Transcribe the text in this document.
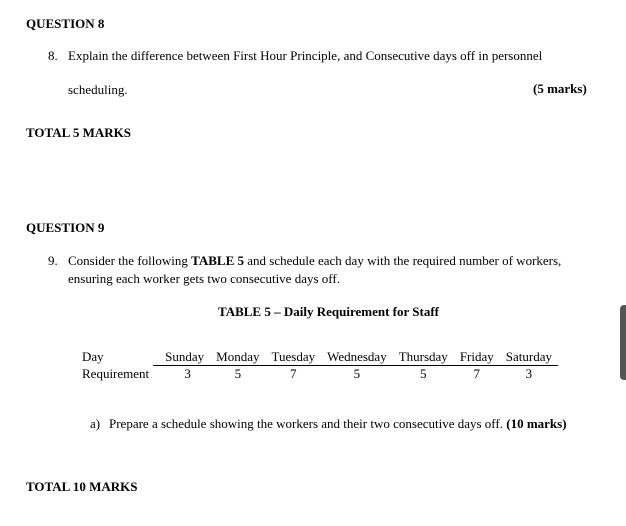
QUESTION 8
8. Explain the difference between First Hour Principle, and Consecutive days off in personnel
scheduling.	(5 marks)
TOTAL 5 MARKS
QUESTION 9
9. Consider the following TABLE 5 and schedule each day with the required number of workers,
ensuring each worker gets two consecutive days off.
TABLE 5 – Daily Requirement for Staff
Day	Sunday	Monday	Tuesday	Wednesday	Thursday	Friday	Saturday
Requirement	3	5	7	5	5	7	3
a) Prepare a schedule showing the workers and their two consecutive days off. (10 marks)
TOTAL 10 MARKS
